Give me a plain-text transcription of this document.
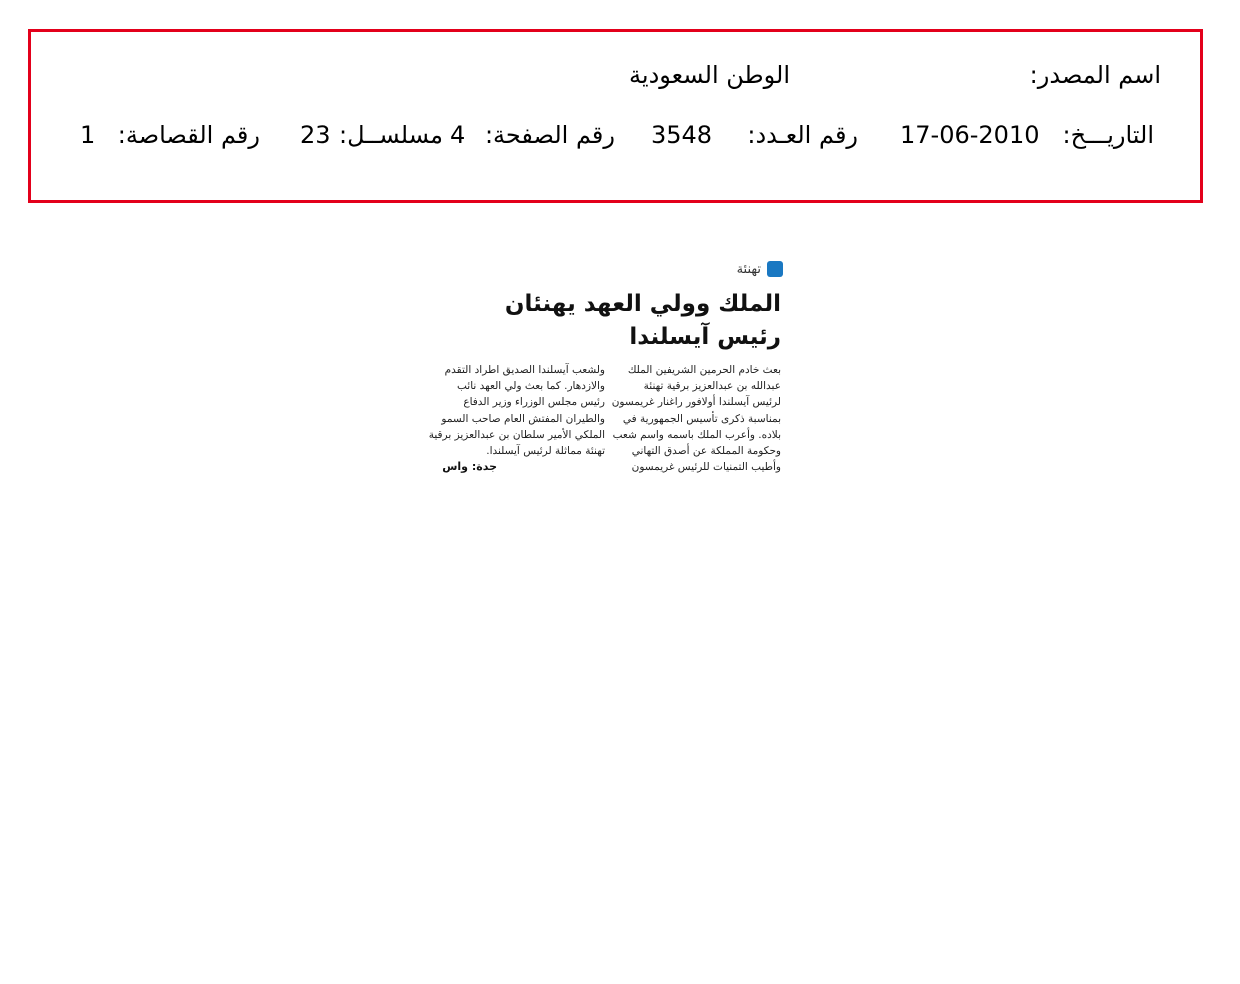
اسم المصدر:
الوطن السعودية
التاريـــخ:
17-06-2010
رقم العـدد:
3548
رقم الصفحة:
4
مسلســل:
23
رقم القصاصة:
1
تهنئة
الملك وولي العهد يهنئان
رئيس آيسلندا
بعث خادم الحرمين الشريفين الملك
عبدالله بن عبدالعزيز برقية تهنئة
لرئيس آيسلندا أولافور راغنار غريمسون
بمناسبة ذكرى تأسيس الجمهورية في
بلاده. وأعرب الملك باسمه واسم شعب
وحكومة المملكة عن أصدق التهاني
وأطيب التمنيات للرئيس غريمسون
ولشعب آيسلندا الصديق اطراد التقدم
والازدهار. كما بعث ولي العهد نائب
رئيس مجلس الوزراء وزير الدفاع
والطيران المفتش العام صاحب السمو
الملكي الأمير سلطان بن عبدالعزيز برقية
تهنئة مماثلة لرئيس آيسلندا.
جدة: واس
